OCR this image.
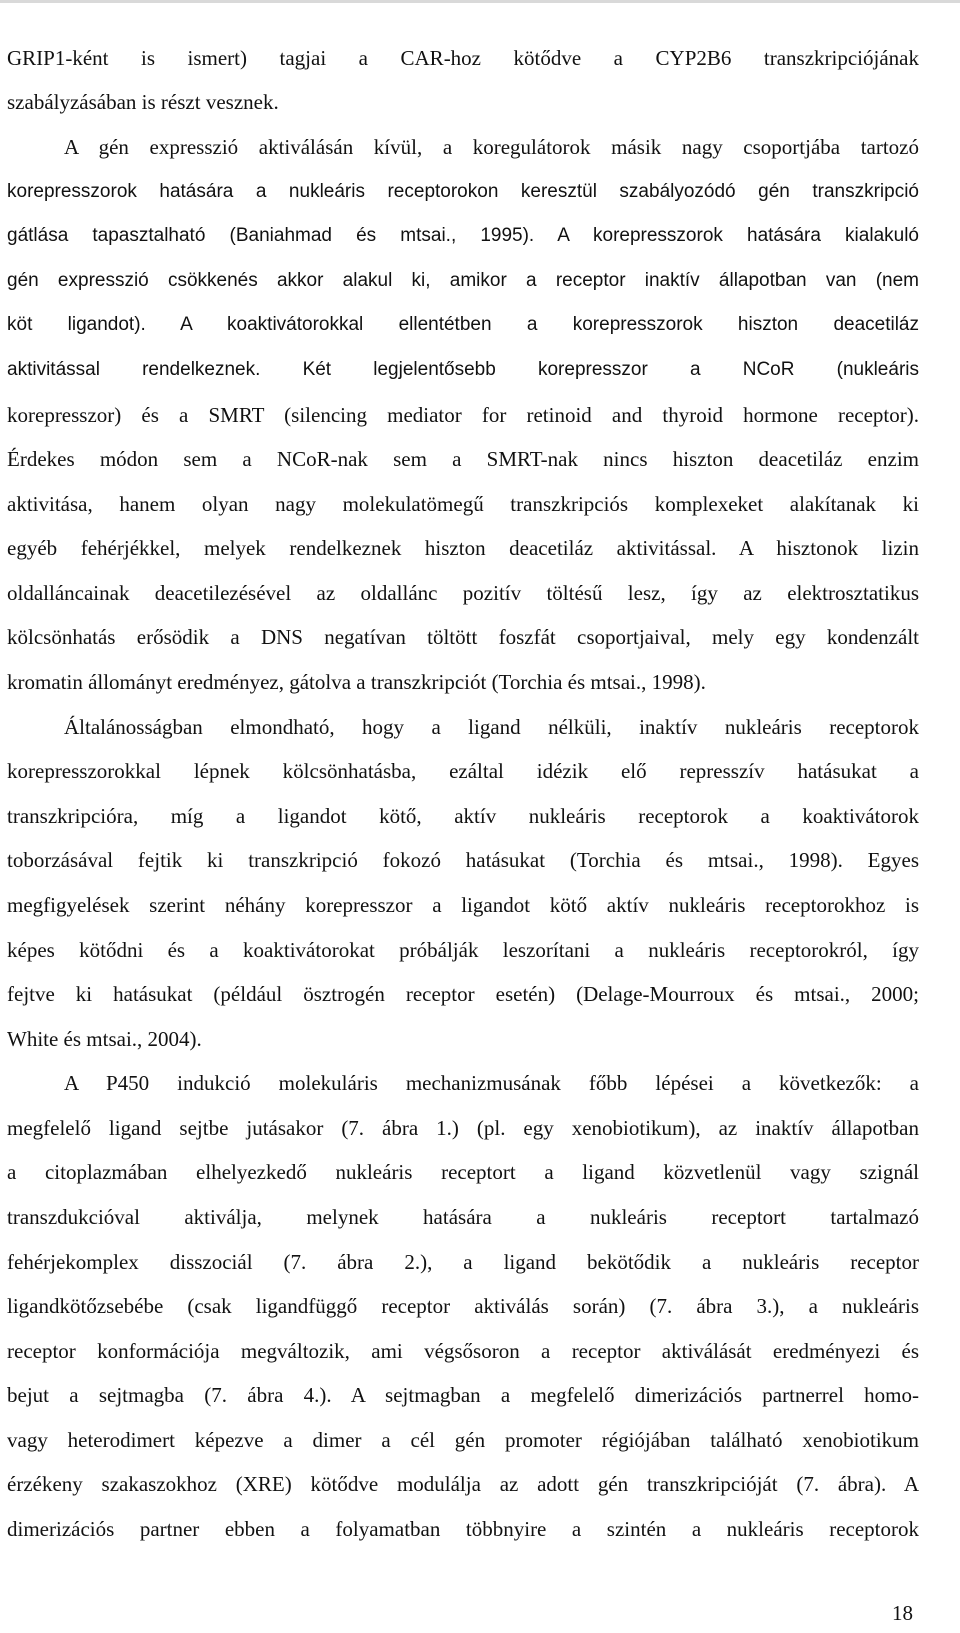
GRIP1-ként is ismert) tagjai a CAR-hoz kötődve a CYP2B6 transzkripciójának

szabályzásában is részt vesznek.

A gén expresszió aktiválásán kívül, a koregulátorok másik nagy csoportjába tartozó

korepresszorok hatására a nukleáris receptorokon keresztül szabályozódó gén transzkripció

gátlása tapasztalható (Baniahmad és mtsai., 1995). A korepresszorok hatására kialakuló

gén expresszió csökkenés akkor alakul ki, amikor a receptor inaktív állapotban van (nem

köt ligandot). A koaktivátorokkal ellentétben a korepresszorok hiszton deacetiláz

aktivitással rendelkeznek. Két legjelentősebb korepresszor a NCoR (nukleáris

korepresszor) és a SMRT (silencing mediator for retinoid and thyroid hormone receptor).

Érdekes módon sem a NCoR-nak sem a SMRT-nak nincs hiszton deacetiláz enzim

aktivitása, hanem olyan nagy molekulatömegű transzkripciós komplexeket alakítanak ki

egyéb fehérjékkel, melyek rendelkeznek hiszton deacetiláz aktivitással. A hisztonok lizin

oldalláncainak deacetilezésével az oldallánc pozitív töltésű lesz, így az elektrosztatikus

kölcsönhatás erősödik a DNS negatívan töltött foszfát csoportjaival, mely egy kondenzált

kromatin állományt eredményez, gátolva a transzkripciót (Torchia és mtsai., 1998).

Általánosságban elmondható, hogy a ligand nélküli, inaktív nukleáris receptorok

korepresszorokkal lépnek kölcsönhatásba, ezáltal idézik elő represszív hatásukat a

transzkripcióra, míg a ligandot kötő, aktív nukleáris receptorok a koaktivátorok

toborzásával fejtik ki transzkripció fokozó hatásukat (Torchia és mtsai., 1998). Egyes

megfigyelések szerint néhány korepresszor a ligandot kötő aktív nukleáris receptorokhoz is

képes kötődni és a koaktivátorokat próbálják leszorítani a nukleáris receptorokról, így

fejtve ki hatásukat (például ösztrogén receptor esetén) (Delage-Mourroux és mtsai., 2000;

White és mtsai., 2004).

A P450 indukció molekuláris mechanizmusának főbb lépései a következők: a

megfelelő ligand sejtbe jutásakor (7. ábra 1.) (pl. egy xenobiotikum), az inaktív állapotban

a citoplazmában elhelyezkedő nukleáris receptort a ligand közvetlenül vagy szignál

transzdukcióval aktiválja, melynek hatására a nukleáris receptort tartalmazó

fehérjekomplex disszociál (7. ábra 2.), a ligand bekötődik a nukleáris receptor

ligandkötőzsebébe (csak ligandfüggő receptor aktiválás során) (7. ábra 3.), a nukleáris

receptor konformációja megváltozik, ami végsősoron a receptor aktiválását eredményezi és

bejut a sejtmagba (7. ábra 4.). A sejtmagban a megfelelő dimerizációs partnerrel homo-

vagy heterodimert képezve a dimer a cél gén promoter régiójában található xenobiotikum

érzékeny szakaszokhoz (XRE) kötődve modulálja az adott gén transzkripcióját (7. ábra). A

dimerizációs partner ebben a folyamatban többnyire a szintén a nukleáris receptorok

18
